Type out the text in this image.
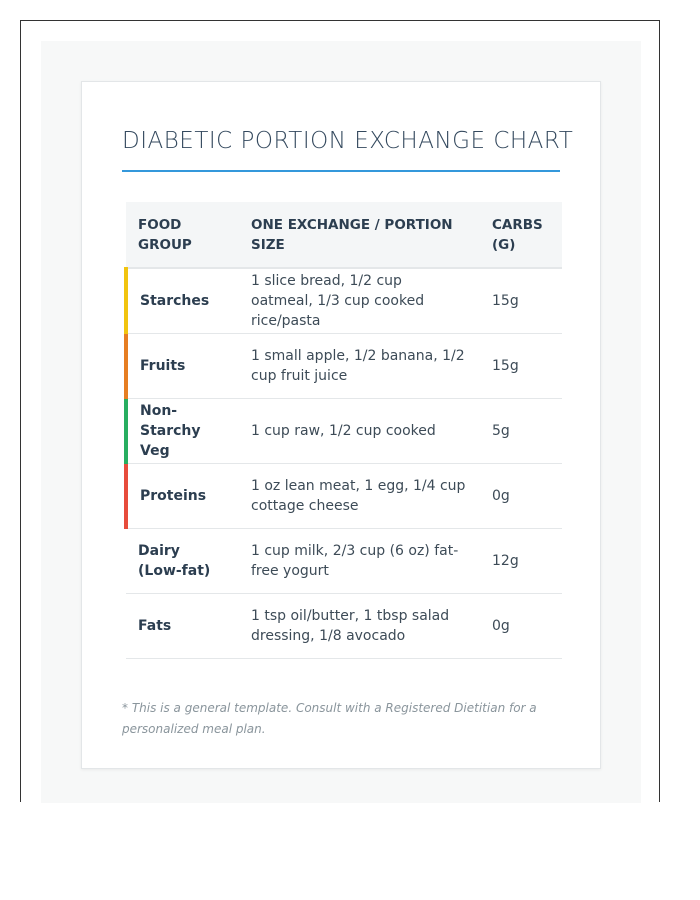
DIABETIC PORTION EXCHANGE CHART
FOOD GROUP	ONE EXCHANGE / PORTION SIZE	CARBS (G)
Starches	1 slice bread, 1/2 cup oatmeal, 1/3 cup cooked rice/pasta	15g
Fruits	1 small apple, 1/2 banana, 1/2 cup fruit juice	15g
Non-Starchy Veg	1 cup raw, 1/2 cup cooked	5g
Proteins	1 oz lean meat, 1 egg, 1/4 cup cottage cheese	0g
Dairy (Low-fat)	1 cup milk, 2/3 cup (6 oz) fat-free yogurt	12g
Fats	1 tsp oil/butter, 1 tbsp salad dressing, 1/8 avocado	0g

* This is a general template. Consult with a Registered Dietitian for a personalized meal plan.
